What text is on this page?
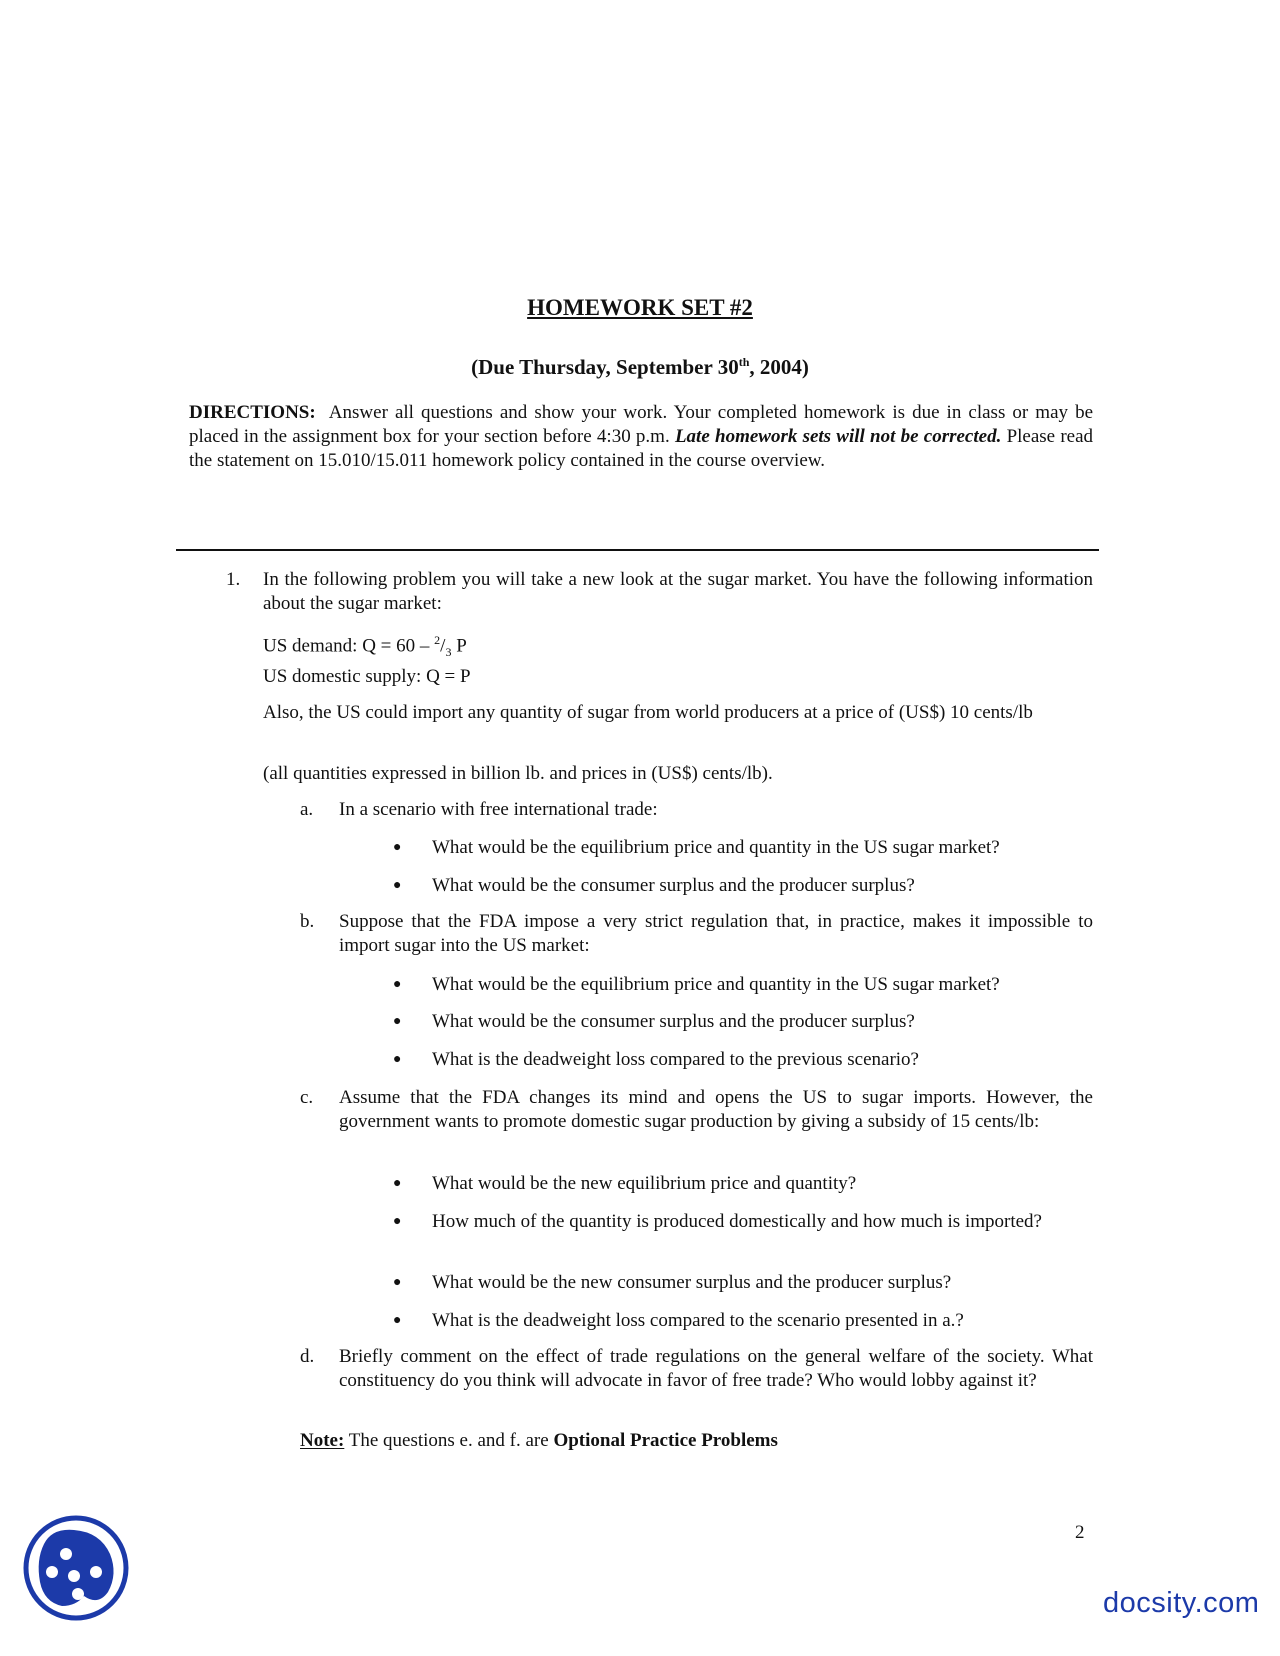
HOMEWORK SET #2
(Due Thursday, September 30th, 2004)
DIRECTIONS: Answer all questions and show your work. Your completed homework is due in class or may be placed in the assignment box for your section before 4:30 p.m. Late homework sets will not be corrected. Please read the statement on 15.010/15.011 homework policy contained in the course overview.
1. In the following problem you will take a new look at the sugar market. You have the following information about the sugar market:
US demand: $Q = 60 - ^2/_3$ P
US domestic supply: Q = P
Also, the US could import any quantity of sugar from world producers at a price of (US$) 10 cents/lb
(all quantities expressed in billion lb. and prices in (US$) cents/lb).
a. In a scenario with free international trade:
● What would be the equilibrium price and quantity in the US sugar market?
● What would be the consumer surplus and the producer surplus?
b. Suppose that the FDA impose a very strict regulation that, in practice, makes it impossible to import sugar into the US market:
● What would be the equilibrium price and quantity in the US sugar market?
● What would be the consumer surplus and the producer surplus?
● What is the deadweight loss compared to the previous scenario?
c. Assume that the FDA changes its mind and opens the US to sugar imports. However, the government wants to promote domestic sugar production by giving a subsidy of 15 cents/lb:
● What would be the new equilibrium price and quantity?
● How much of the quantity is produced domestically and how much is imported?
● What would be the new consumer surplus and the producer surplus?
● What is the deadweight loss compared to the scenario presented in a.?
d. Briefly comment on the effect of trade regulations on the general welfare of the society. What constituency do you think will advocate in favor of free trade? Who would lobby against it?
Note: The questions e. and f. are Optional Practice Problems
2
docsity.com
